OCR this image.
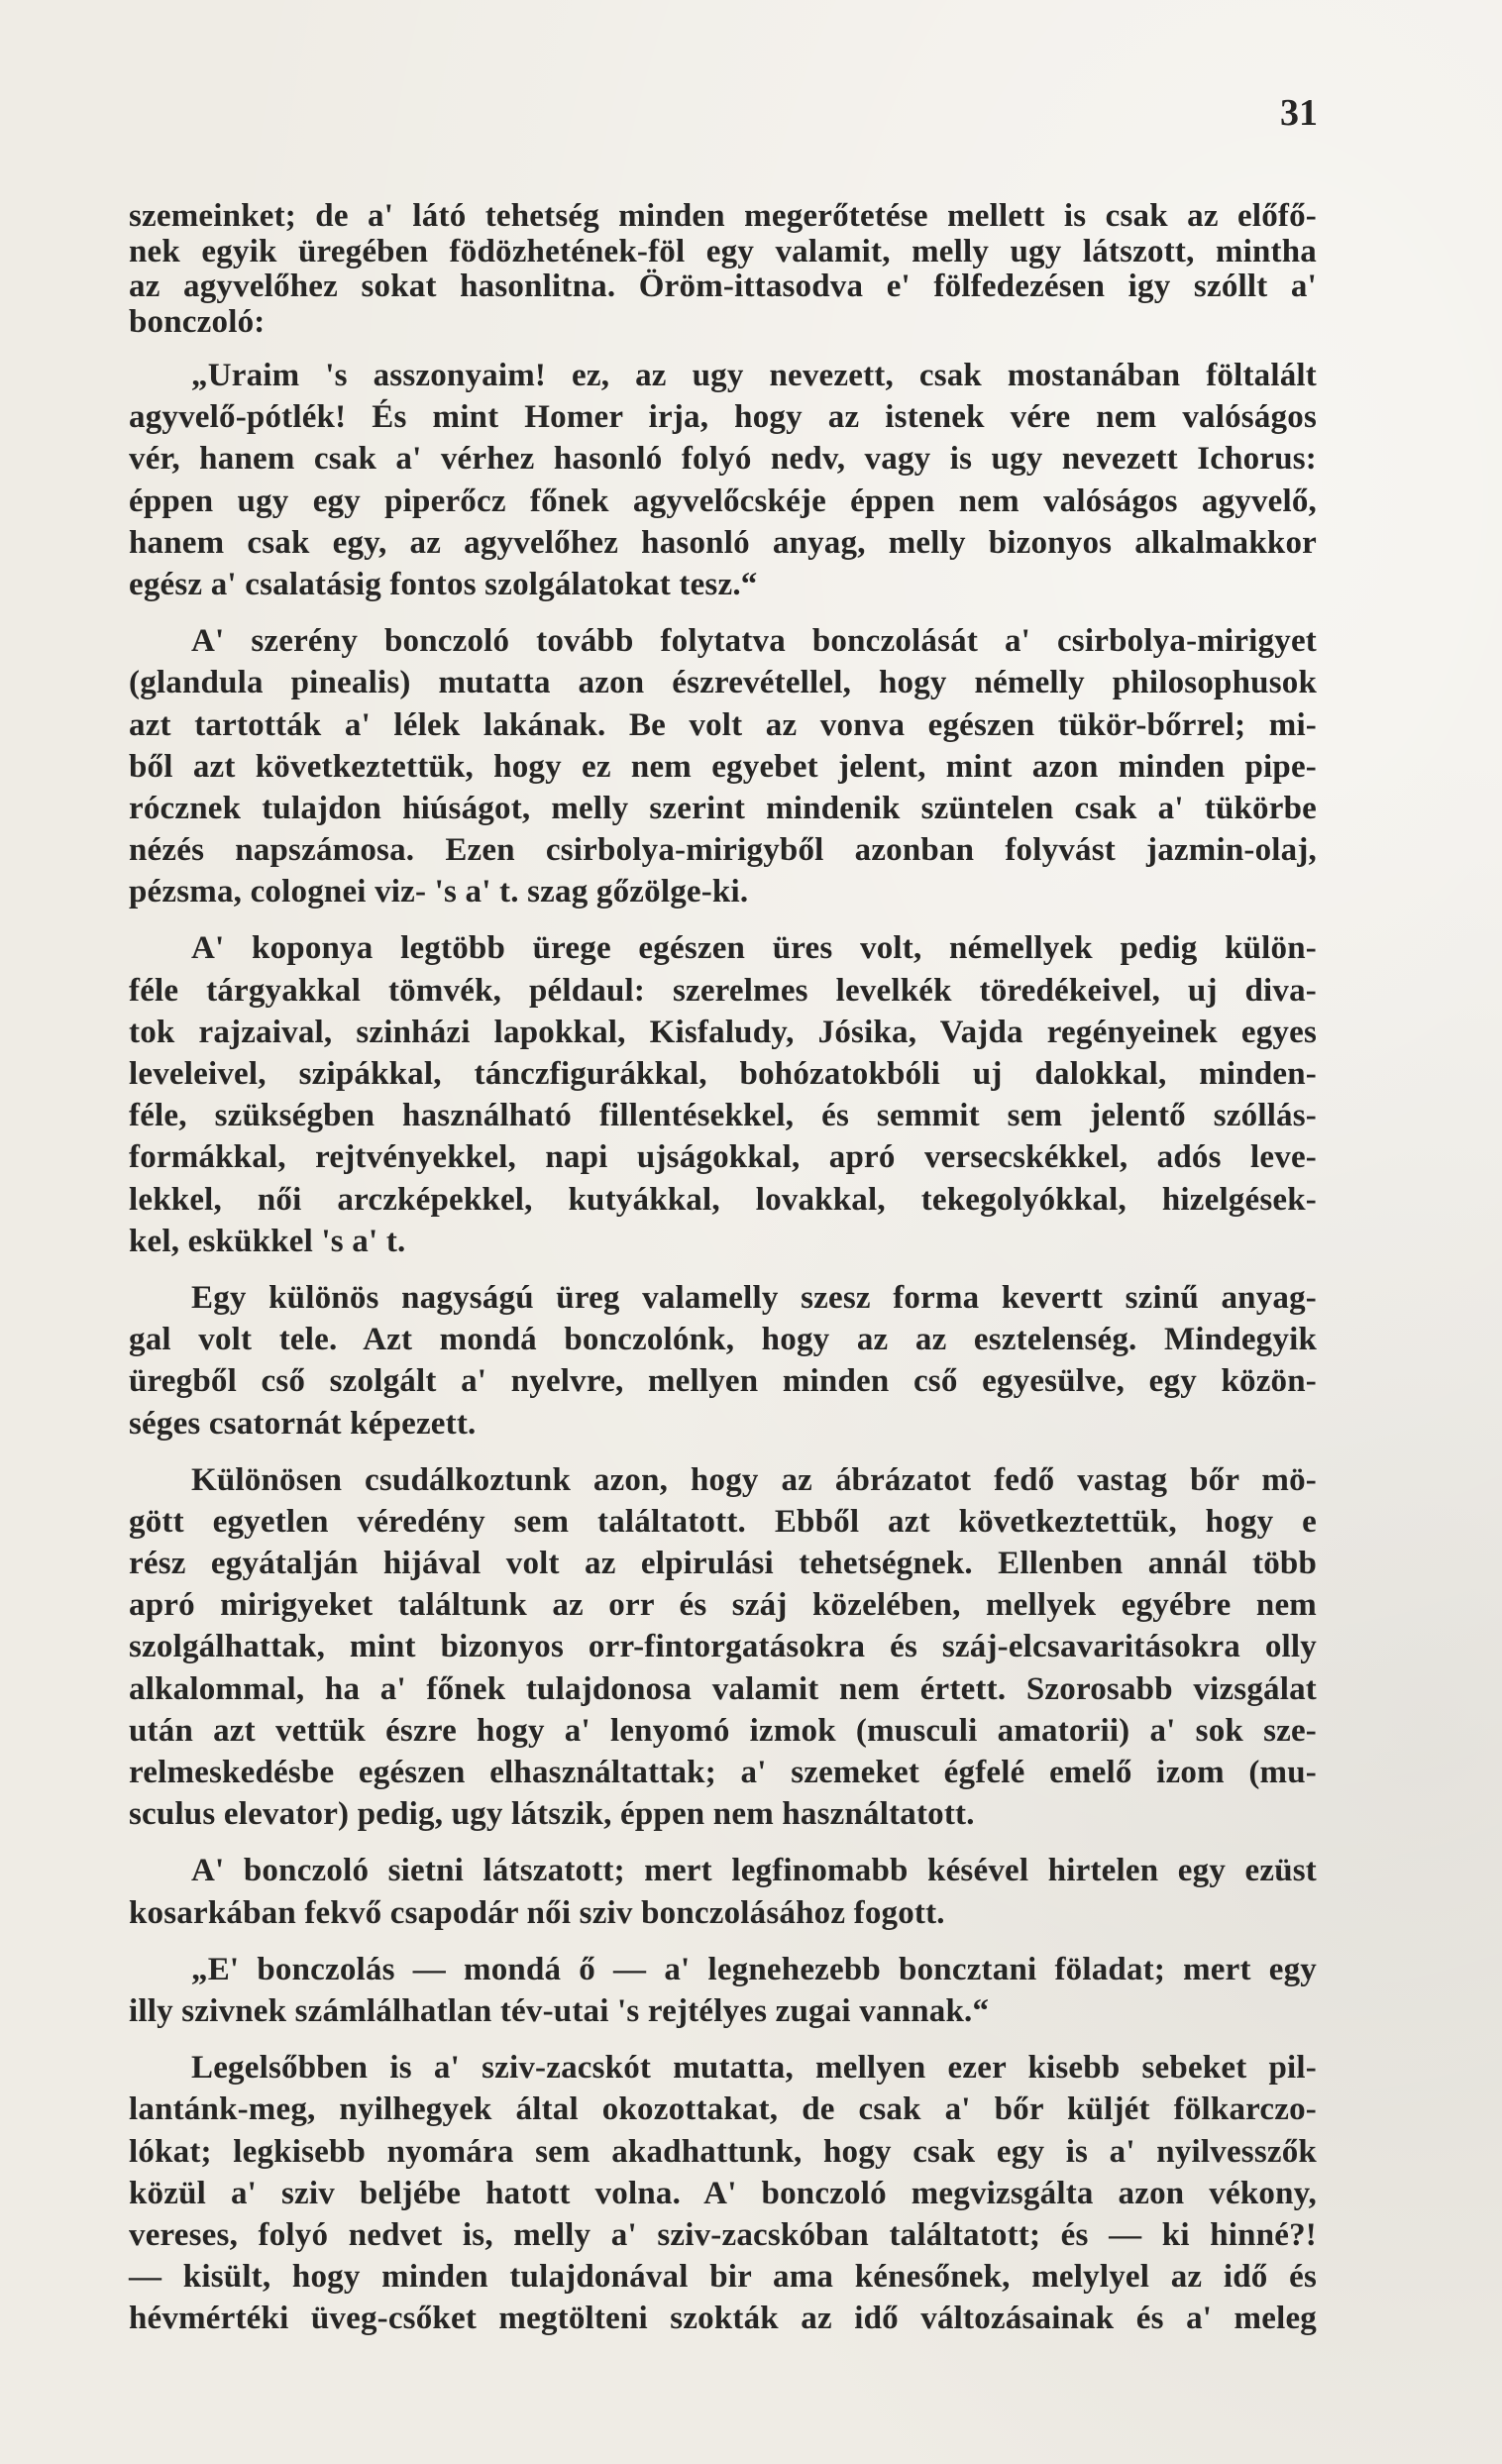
31
szemeinket; de a' látó tehetség minden megerőtetése mellett is csak az előfő-
nek egyik üregében födözhetének-föl egy valamit, melly ugy látszott, mintha
az agyvelőhez sokat hasonlitna. Öröm-ittasodva e' fölfedezésen igy szóllt a'
bonczoló:
„Uraim 's asszonyaim! ez, az ugy nevezett, csak mostanában föltalált
agyvelő-pótlék! És mint Homer irja, hogy az istenek vére nem valóságos
vér, hanem csak a' vérhez hasonló folyó nedv, vagy is ugy nevezett Ichorus:
éppen ugy egy piperőcz főnek agyvelőcskéje éppen nem valóságos agyvelő,
hanem csak egy, az agyvelőhez hasonló anyag, melly bizonyos alkalmakkor
egész a' csalatásig fontos szolgálatokat tesz.“
A' szerény bonczoló tovább folytatva bonczolását a' csirbolya-mirigyet
(glandula pinealis) mutatta azon észrevétellel, hogy némelly philosophusok
azt tartották a' lélek lakának. Be volt az vonva egészen tükör-bőrrel; mi-
ből azt következtettük, hogy ez nem egyebet jelent, mint azon minden pipe-
rócznek tulajdon hiúságot, melly szerint mindenik szüntelen csak a' tükörbe
nézés napszámosa. Ezen csirbolya-mirigyből azonban folyvást jazmin-olaj,
pézsma, colognei viz- 's a' t. szag gőzölge-ki.
A' koponya legtöbb ürege egészen üres volt, némellyek pedig külön-
féle tárgyakkal tömvék, példaul: szerelmes levelkék töredékeivel, uj diva-
tok rajzaival, szinházi lapokkal, Kisfaludy, Jósika, Vajda regényeinek egyes
leveleivel, szipákkal, tánczfigurákkal, bohózatokbóli uj dalokkal, minden-
féle, szükségben használható fillentésekkel, és semmit sem jelentő szóllás-
formákkal, rejtvényekkel, napi ujságokkal, apró versecskékkel, adós leve-
lekkel, női arczképekkel, kutyákkal, lovakkal, tekegolyókkal, hizelgések-
kel, eskükkel 's a' t.
Egy különös nagyságú üreg valamelly szesz forma kevertt szinű anyag-
gal volt tele. Azt mondá bonczolónk, hogy az az esztelenség. Mindegyik
üregből cső szolgált a' nyelvre, mellyen minden cső egyesülve, egy közön-
séges csatornát képezett.
Különösen csudálkoztunk azon, hogy az ábrázatot fedő vastag bőr mö-
gött egyetlen véredény sem találtatott. Ebből azt következtettük, hogy e
rész egyátalján hijával volt az elpirulási tehetségnek. Ellenben annál több
apró mirigyeket találtunk az orr és száj közelében, mellyek egyébre nem
szolgálhattak, mint bizonyos orr-fintorgatásokra és száj-elcsavaritásokra olly
alkalommal, ha a' főnek tulajdonosa valamit nem értett. Szorosabb vizsgálat
után azt vettük észre hogy a' lenyomó izmok (musculi amatorii) a' sok sze-
relmeskedésbe egészen elhasználtattak; a' szemeket égfelé emelő izom (mu-
sculus elevator) pedig, ugy látszik, éppen nem használtatott.
A' bonczoló sietni látszatott; mert legfinomabb késével hirtelen egy ezüst
kosarkában fekvő csapodár női sziv bonczolásához fogott.
„E' bonczolás — mondá ő — a' legnehezebb boncztani föladat; mert egy
illy szivnek számlálhatlan tév-utai 's rejtélyes zugai vannak.“
Legelsőbben is a' sziv-zacskót mutatta, mellyen ezer kisebb sebeket pil-
lantánk-meg, nyilhegyek által okozottakat, de csak a' bőr küljét fölkarczo-
lókat; legkisebb nyomára sem akadhattunk, hogy csak egy is a' nyilvesszők
közül a' sziv beljébe hatott volna. A' bonczoló megvizsgálta azon vékony,
vereses, folyó nedvet is, melly a' sziv-zacskóban találtatott; és — ki hinné?!
— kisült, hogy minden tulajdonával bir ama kénesőnek, melylyel az idő és
hévmértéki üveg-csőket megtölteni szokták az idő változásainak és a' meleg
